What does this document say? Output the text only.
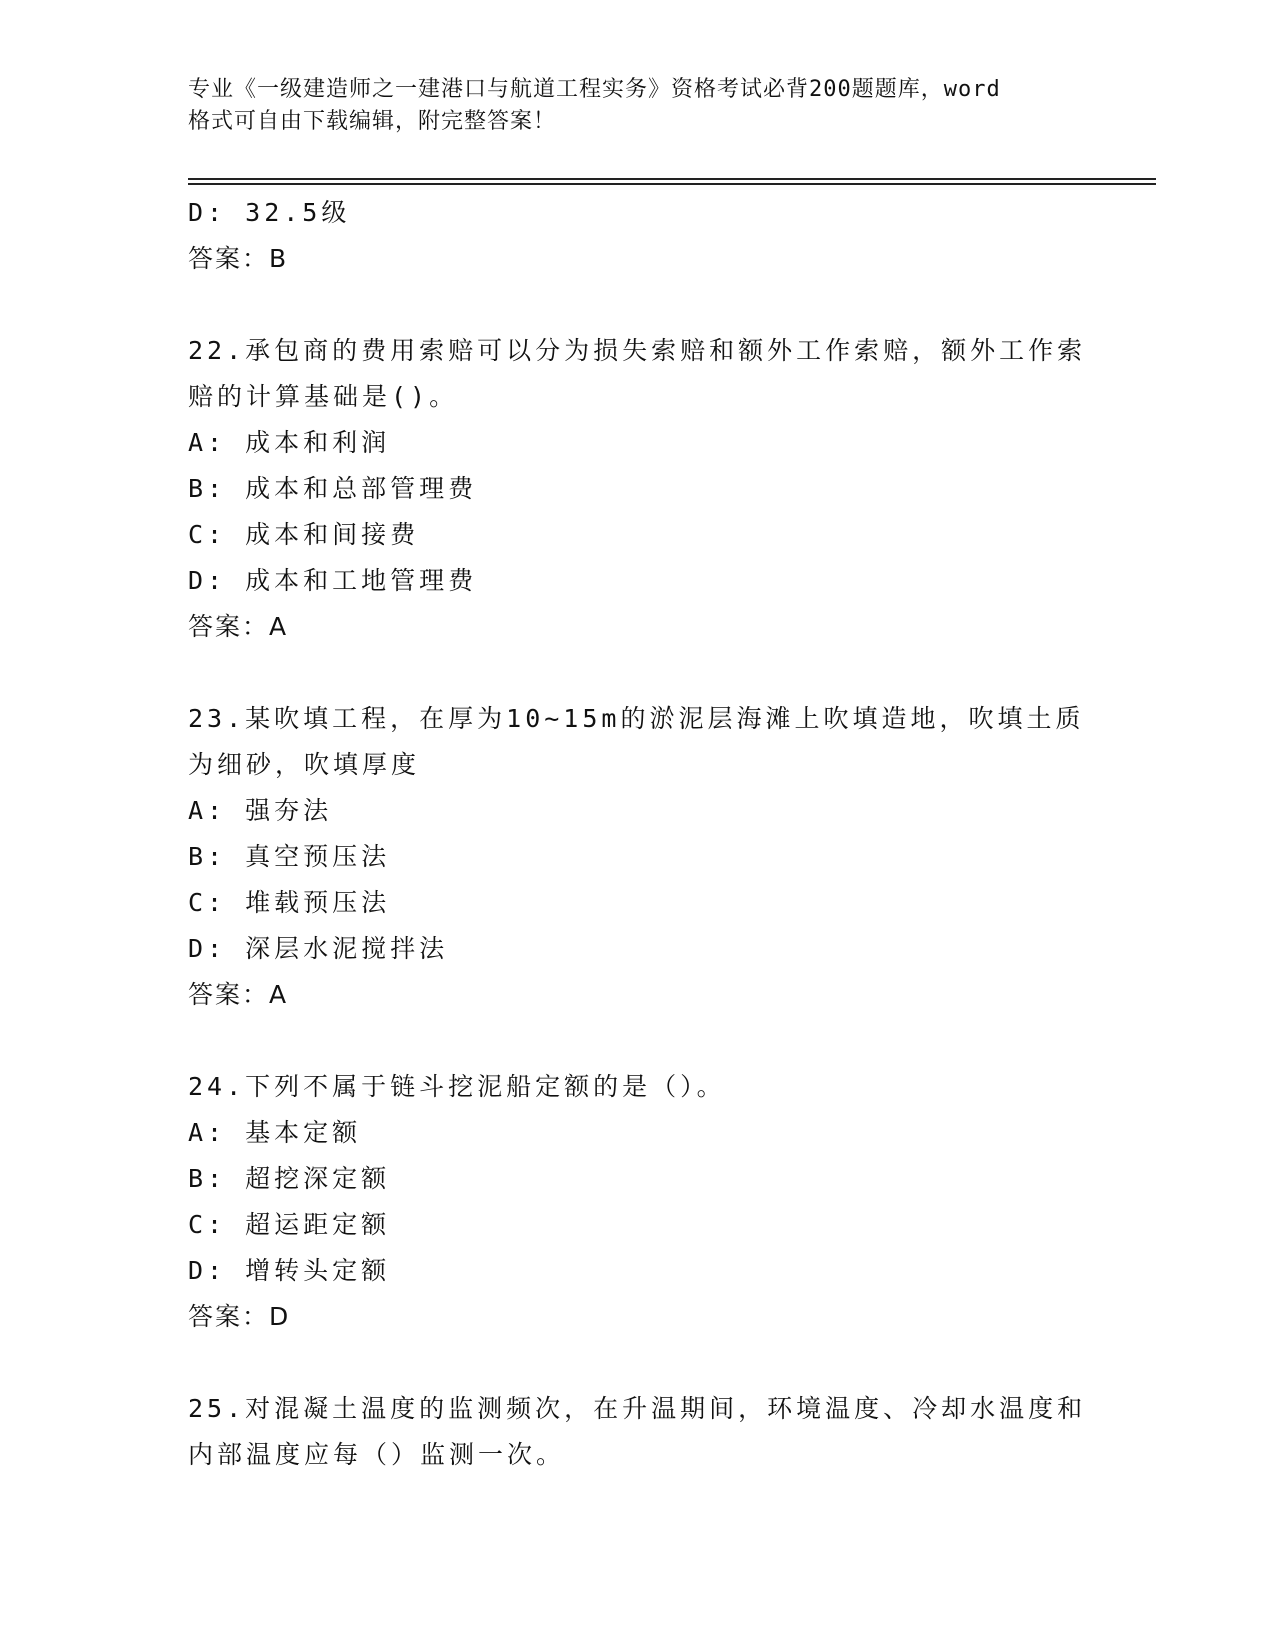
专业《一级建造师之一建港口与航道工程实务》资格考试必背200题题库，word
格式可自由下载编辑，附完整答案！
D: 32.5级
答案：B
22.承包商的费用索赔可以分为损失索赔和额外工作索赔，额外工作索
赔的计算基础是()。
A: 成本和利润
B: 成本和总部管理费
C: 成本和间接费
D: 成本和工地管理费
答案：A
23.某吹填工程，在厚为10~15m的淤泥层海滩上吹填造地，吹填土质
为细砂，吹填厚度
A: 强夯法
B: 真空预压法
C: 堆载预压法
D: 深层水泥搅拌法
答案：A
24.下列不属于链斗挖泥船定额的是（）。
A: 基本定额
B: 超挖深定额
C: 超运距定额
D: 增转头定额
答案：D
25.对混凝土温度的监测频次，在升温期间，环境温度、冷却水温度和
内部温度应每（）监测一次。
